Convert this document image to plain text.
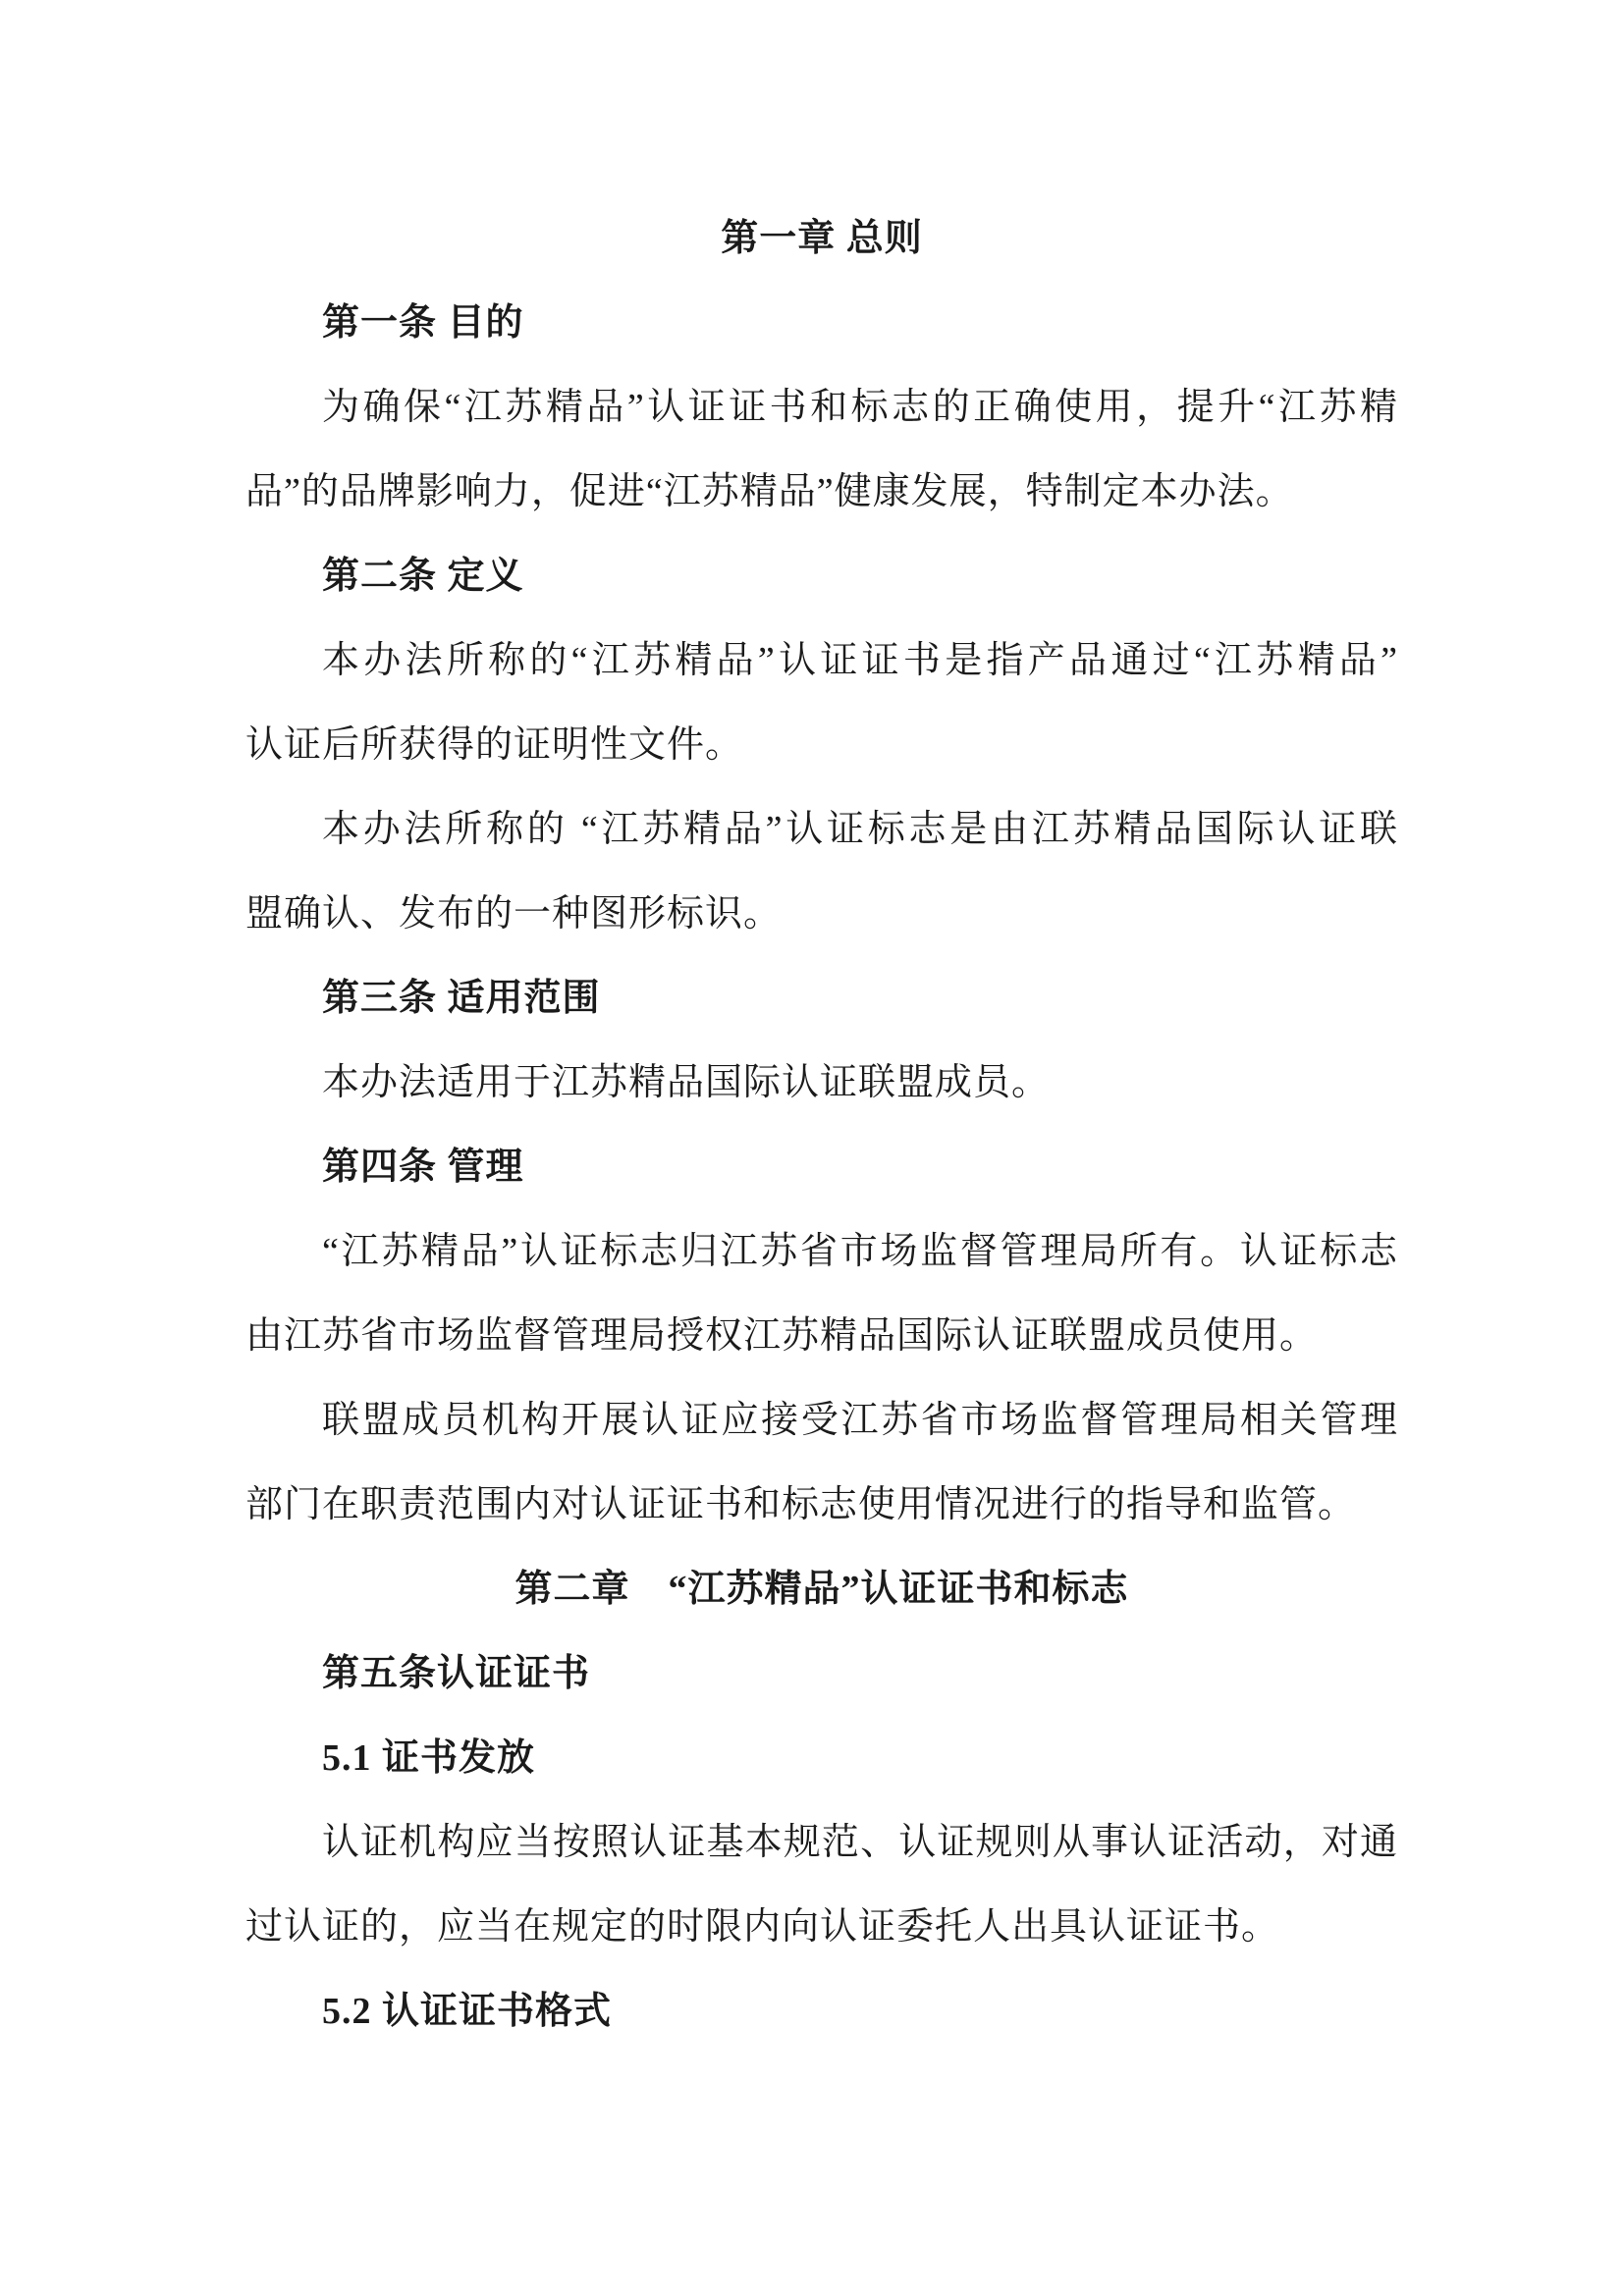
第一章 总则

第一条 目的

为确保“江苏精品”认证证书和标志的正确使用，提升“江苏精

品”的品牌影响力，促进“江苏精品”健康发展，特制定本办法。

第二条 定义

本办法所称的“江苏精品”认证证书是指产品通过“江苏精品”

认证后所获得的证明性文件。

本办法所称的 “江苏精品”认证标志是由江苏精品国际认证联

盟确认、发布的一种图形标识。

第三条 适用范围

本办法适用于江苏精品国际认证联盟成员。

第四条 管理

“江苏精品”认证标志归江苏省市场监督管理局所有。认证标志

由江苏省市场监督管理局授权江苏精品国际认证联盟成员使用。

联盟成员机构开展认证应接受江苏省市场监督管理局相关管理

部门在职责范围内对认证证书和标志使用情况进行的指导和监管。

第二章　“江苏精品”认证证书和标志

第五条认证证书

5.1 证书发放

认证机构应当按照认证基本规范、认证规则从事认证活动，对通

过认证的，应当在规定的时限内向认证委托人出具认证证书。

5.2 认证证书格式
